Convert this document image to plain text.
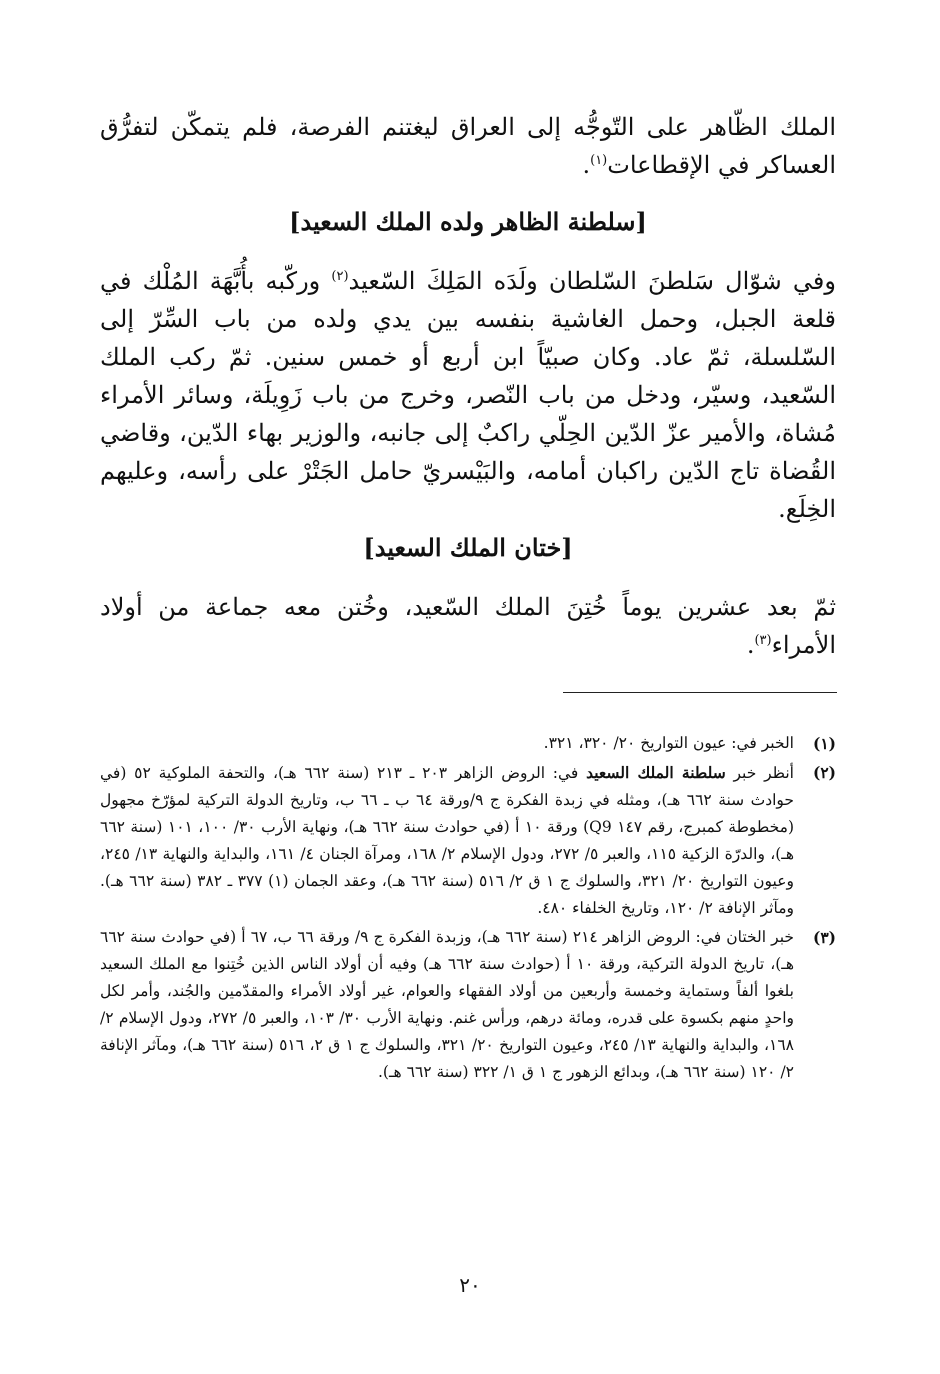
الملك الظّاهر على التّوجُّه إلى العراق ليغتنم الفرصة، فلم يتمكّن لتفرُّق العساكر في الإقطاعات$^{(١)}$.
[سلطنة الظاهر ولده الملك السعيد]
وفي شوّال سَلطنَ السّلطان ولَدَه المَلِكَ السّعيد$^{(٢)}$ وركّبه بأُبَّهَة المُلْك في قلعة الجبل، وحمل الغاشية بنفسه بين يدي ولده من باب السِّرّ إلى السّلسلة، ثمّ عاد. وكان صبيّاً ابن أربع أو خمس سنين. ثمّ ركب الملك السّعيد، وسيّر، ودخل من باب النّصر، وخرج من باب زَوِيلَة، وسائر الأمراء مُشاة، والأمير عزّ الدّين الحِلّي راكبٌ إلى جانبه، والوزير بهاء الدّين، وقاضي القُضاة تاج الدّين راكبان أمامه، والبَيْسريّ حامل الجَتْرْ على رأسه، وعليهم الخِلَع.
[ختان الملك السعيد]
ثمّ بعد عشرين يوماً خُتِنَ الملك السّعيد، وخُتن معه جماعة من أولاد الأمراء$^{(٣)}$.
(١)
الخبر في: عيون التواريخ ٢٠/ ٣٢٠، ٣٢١.
(٢)
أنظر خبر سلطنة الملك السعيد في: الروض الزاهر ٢٠٣ ـ ٢١٣ (سنة ٦٦٢ هـ)، والتحفة الملوكية ٥٢ (في حوادث سنة ٦٦٢ هـ)، ومثله في زبدة الفكرة ج ٩/ورقة ٦٤ ب ـ ٦٦ ب، وتاريخ الدولة التركية لمؤرّخ مجهول (مخطوطة كمبرج، رقم ١٤٧ Q9) ورقة ١٠ أ (في حوادث سنة ٦٦٢ هـ)، ونهاية الأرب ٣٠/ ١٠٠، ١٠١ (سنة ٦٦٢ هـ)، والدرّة الزكية ١١٥، والعبر ٥/ ٢٧٢، ودول الإسلام ٢/ ١٦٨، ومرآة الجنان ٤/ ١٦١، والبداية والنهاية ١٣/ ٢٤٥، وعيون التواريخ ٢٠/ ٣٢١، والسلوك ج ١ ق ٢/ ٥١٦ (سنة ٦٦٢ هـ)، وعقد الجمان (١) ٣٧٧ ـ ٣٨٢ (سنة ٦٦٢ هـ). ومآثر الإنافة ٢/ ١٢٠، وتاريخ الخلفاء ٤٨٠.
(٣)
خبر الختان في: الروض الزاهر ٢١٤ (سنة ٦٦٢ هـ)، وزبدة الفكرة ج ٩/ ورقة ٦٦ ب، ٦٧ أ (في حوادث سنة ٦٦٢ هـ)، تاريخ الدولة التركية، ورقة ١٠ أ (حوادث سنة ٦٦٢ هـ) وفيه أن أولاد الناس الذين خُتِنوا مع الملك السعيد بلغوا ألفاً وستماية وخمسة وأربعين من أولاد الفقهاء والعوام، غير أولاد الأمراء والمقدّمين والجُند، وأمر لكل واحدٍ منهم بكسوة على قدره، ومائة درهم، ورأس غنم. ونهاية الأرب ٣٠/ ١٠٣، والعبر ٥/ ٢٧٢، ودول الإسلام ٢/ ١٦٨، والبداية والنهاية ١٣/ ٢٤٥، وعيون التواريخ ٢٠/ ٣٢١، والسلوك ج ١ ق ٢، ٥١٦ (سنة ٦٦٢ هـ)، ومآثر الإنافة ٢/ ١٢٠ (سنة ٦٦٢ هـ)، وبدائع الزهور ج ١ ق ١/ ٣٢٢ (سنة ٦٦٢ هـ).
٢٠
